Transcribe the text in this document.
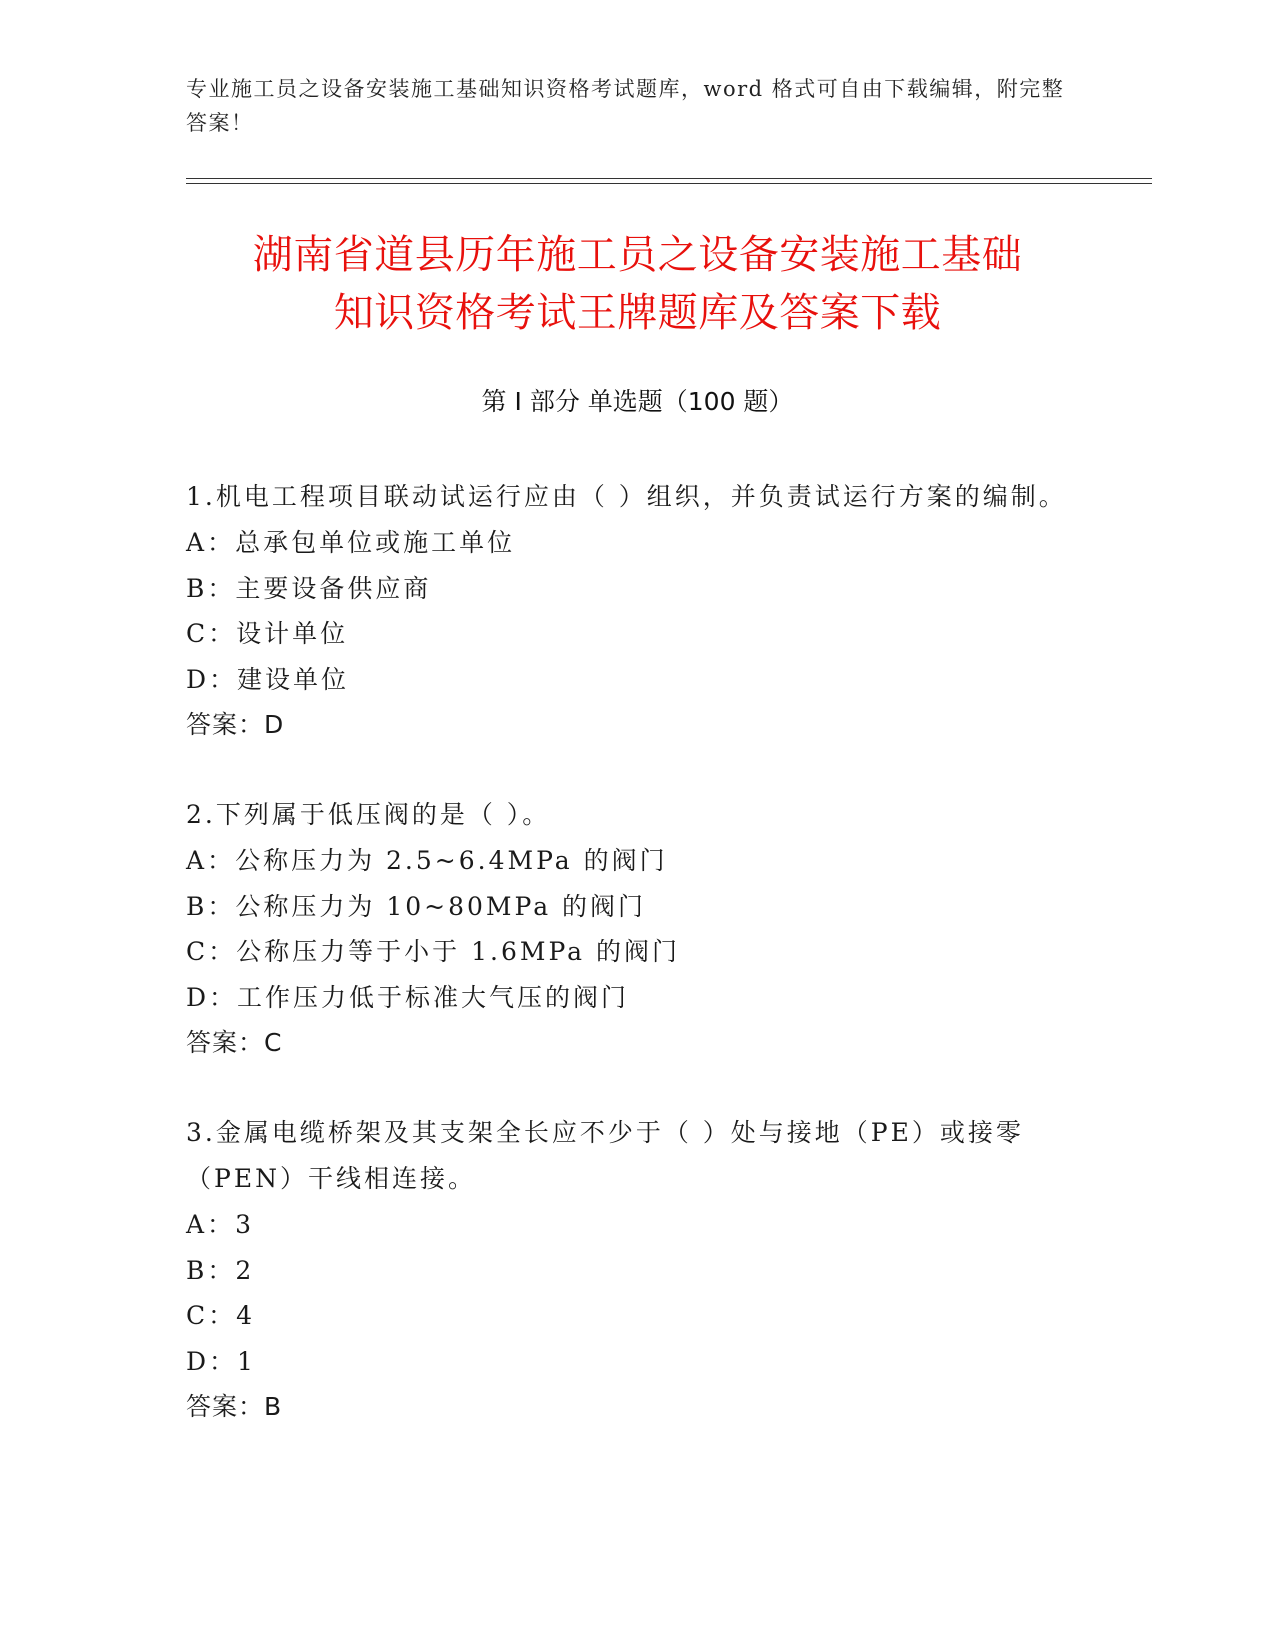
专业施工员之设备安装施工基础知识资格考试题库，word 格式可自由下载编辑，附完整答案！
湖南省道县历年施工员之设备安装施工基础
知识资格考试王牌题库及答案下载
第 I 部分 单选题（100 题）

1.机电工程项目联动试运行应由（ ）组织，并负责试运行方案的编制。

A： 总承包单位或施工单位

B： 主要设备供应商

C： 设计单位

D： 建设单位

答案： D

2.下列属于低压阀的是（ ）。

A： 公称压力为 2.5~6.4MPa 的阀门

B： 公称压力为 10~80MPa 的阀门

C： 公称压力等于小于 1.6MPa 的阀门

D： 工作压力低于标准大气压的阀门

答案： C

3.金属电缆桥架及其支架全长应不少于（ ）处与接地（PE）或接零（PEN）干线相连接。

A： 3

B： 2

C： 4

D： 1

答案： B
